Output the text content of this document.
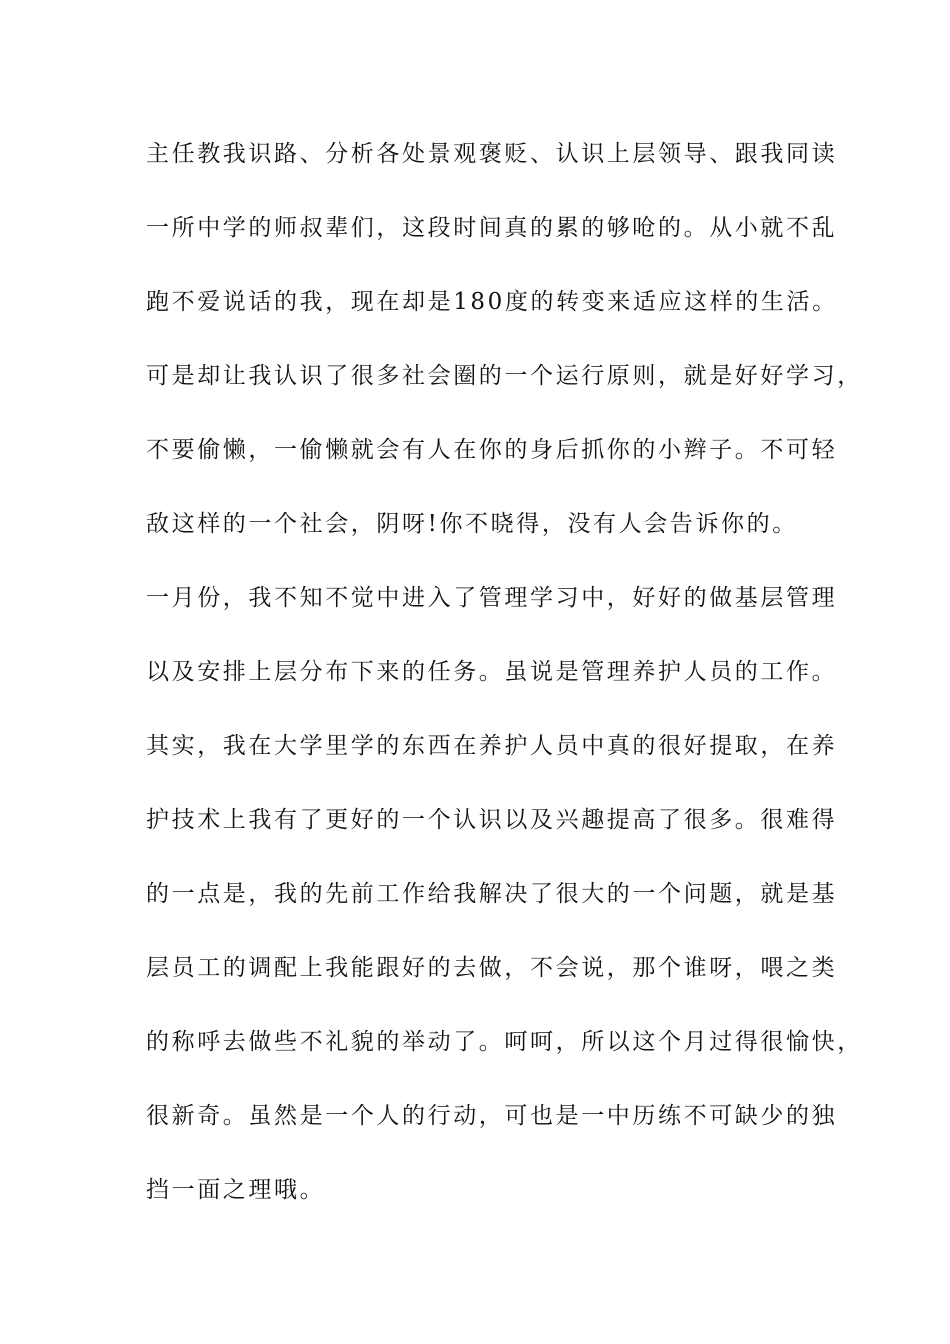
主任教我识路、分析各处景观褒贬、认识上层领导、跟我同读
一所中学的师叔辈们，这段时间真的累的够呛的。从小就不乱
跑不爱说话的我，现在却是180度的转变来适应这样的生活。
可是却让我认识了很多社会圈的一个运行原则，就是好好学习，
不要偷懒，一偷懒就会有人在你的身后抓你的小辫子。不可轻
敌这样的一个社会，阴呀!你不晓得，没有人会告诉你的。
一月份，我不知不觉中进入了管理学习中，好好的做基层管理
以及安排上层分布下来的任务。虽说是管理养护人员的工作。
其实，我在大学里学的东西在养护人员中真的很好提取，在养
护技术上我有了更好的一个认识以及兴趣提高了很多。很难得
的一点是，我的先前工作给我解决了很大的一个问题，就是基
层员工的调配上我能跟好的去做，不会说，那个谁呀，喂之类
的称呼去做些不礼貌的举动了。呵呵，所以这个月过得很愉快，
很新奇。虽然是一个人的行动，可也是一中历练不可缺少的独
挡一面之理哦。
